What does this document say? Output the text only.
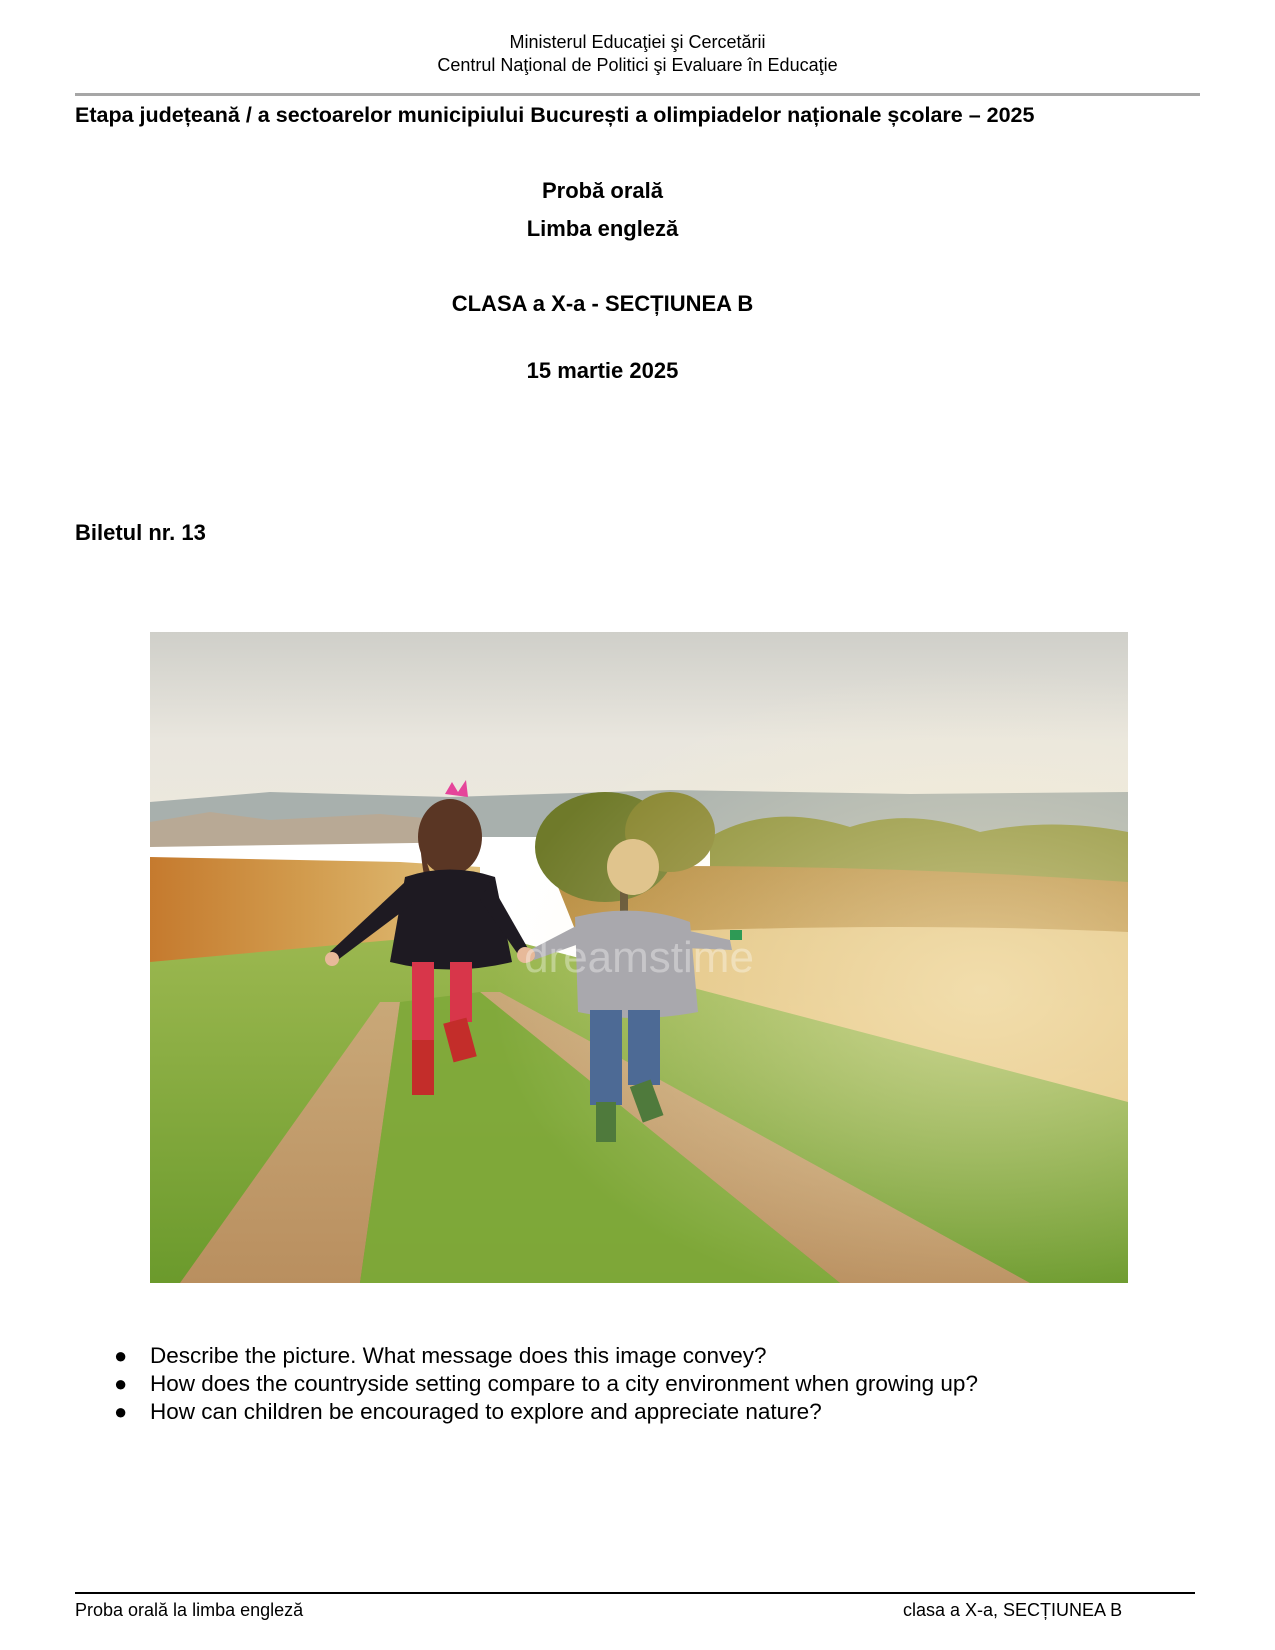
Ministerul Educaţiei şi Cercetării
Centrul Naţional de Politici şi Evaluare în Educaţie
Etapa județeană / a sectoarelor municipiului București a olimpiadelor naționale școlare – 2025
Probă orală
Limba engleză
CLASA a X-a - SECȚIUNEA B
15 martie 2025
Biletul nr. 13
dreamstime
● Describe the picture. What message does this image convey?
● How does the countryside setting compare to a city environment when growing up?
● How can children be encouraged to explore and appreciate nature?
Proba orală la limba engleză	clasa a X-a, SECȚIUNEA B
